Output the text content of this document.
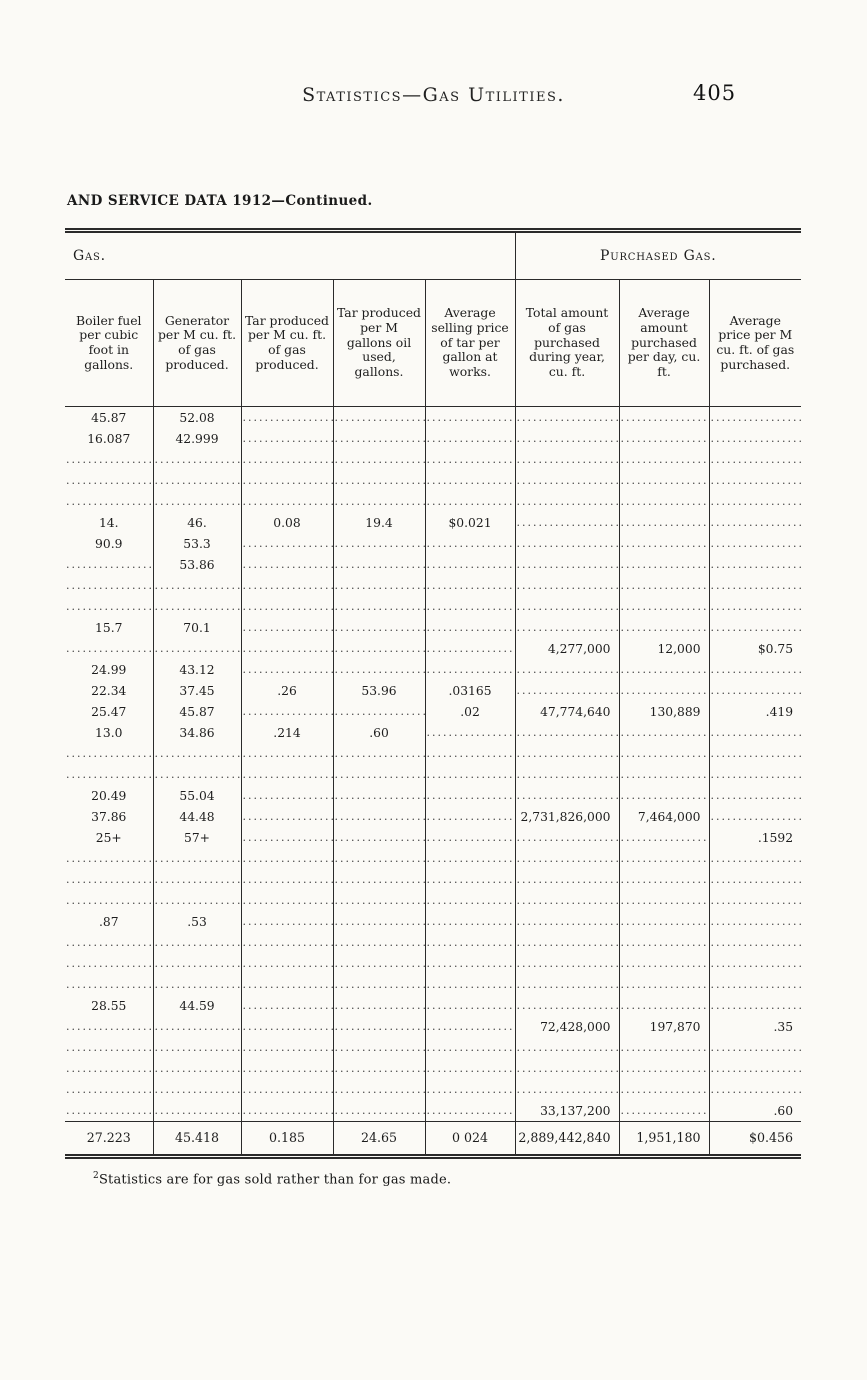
Statistics—Gas Utilities.	405
AND SERVICE DATA 1912—Continued.
Gas.					Purchased Gas.		
Boiler fuel per cubic foot in gallons.	Generator per M cu. ft. of gas produced.	Tar produced per M cu. ft. of gas produced.	Tar produced per M gallons oil used, gallons.	Average selling price of tar per gallon at works.	Total amount of gas purchased during year, cu. ft.	Average amount purchased per day, cu. ft.	Average price per M cu. ft. of gas purchased.
45.87	52.08	.....	.....	.....	.....	.....	.....
16.087	42.999	.....	.....	.....	.....	.....	.....
.....	.....	.....	.....	.....	.....	.....	.....
.....	.....	.....	.....	.....	.....	.....	.....
.....	.....	.....	.....	.....	.....	.....	.....
14.	46.	0.08	19.4	$0.021	.....	.....	.....
90.9	53.3	.....	.....	.....	.....	.....	.....
.....	53.86	.....	.....	.....	.....	.....	.....
.....	.....	.....	.....	.....	.....	.....	.....
.....	.....	.....	.....	.....	.....	.....	.....
15.7	70.1	.....	.....	.....	.....	.....	.....
.....	.....	.....	.....	.....	4,277,000	12,000	$0.75
24.99	43.12	.....	.....	.....	.....	.....	.....
22.34	37.45	.26	53.96	.03165	.....	.....	.....
25.47	45.87	.....	.....	.02	47,774,640	130,889	.419
13.0	34.86	.214	.60	.....	.....	.....	.....
.....	.....	.....	.....	.....	.....	.....	.....
.....	.....	.....	.....	.....	.....	.....	.....
20.49	55.04	.....	.....	.....	.....	.....	.....
37.86	44.48	.....	.....	.....	2,731,826,000	7,464,000	.....
25+	57+	.....	.....	.....	.....	.....	.1592
.....	.....	.....	.....	.....	.....	.....	.....
.....	.....	.....	.....	.....	.....	.....	.....
.....	.....	.....	.....	.....	.....	.....	.....
.87	.53	.....	.....	.....	.....	.....	.....
.....	.....	.....	.....	.....	.....	.....	.....
.....	.....	.....	.....	.....	.....	.....	.....
.....	.....	.....	.....	.....	.....	.....	.....
28.55	44.59	.....	.....	.....	.....	.....	.....
.....	.....	.....	.....	.....	72,428,000	197,870	.35
.....	.....	.....	.....	.....	.....	.....	.....
.....	.....	.....	.....	.....	.....	.....	.....
.....	.....	.....	.....	.....	.....	.....	.....
.....	.....	.....	.....	.....	33,137,200	.....	.60
27.223	45.418	0.185	24.65	0 024	2,889,442,840	1,951,180	$0.456
$^2$Statistics are for gas sold rather than for gas made.
